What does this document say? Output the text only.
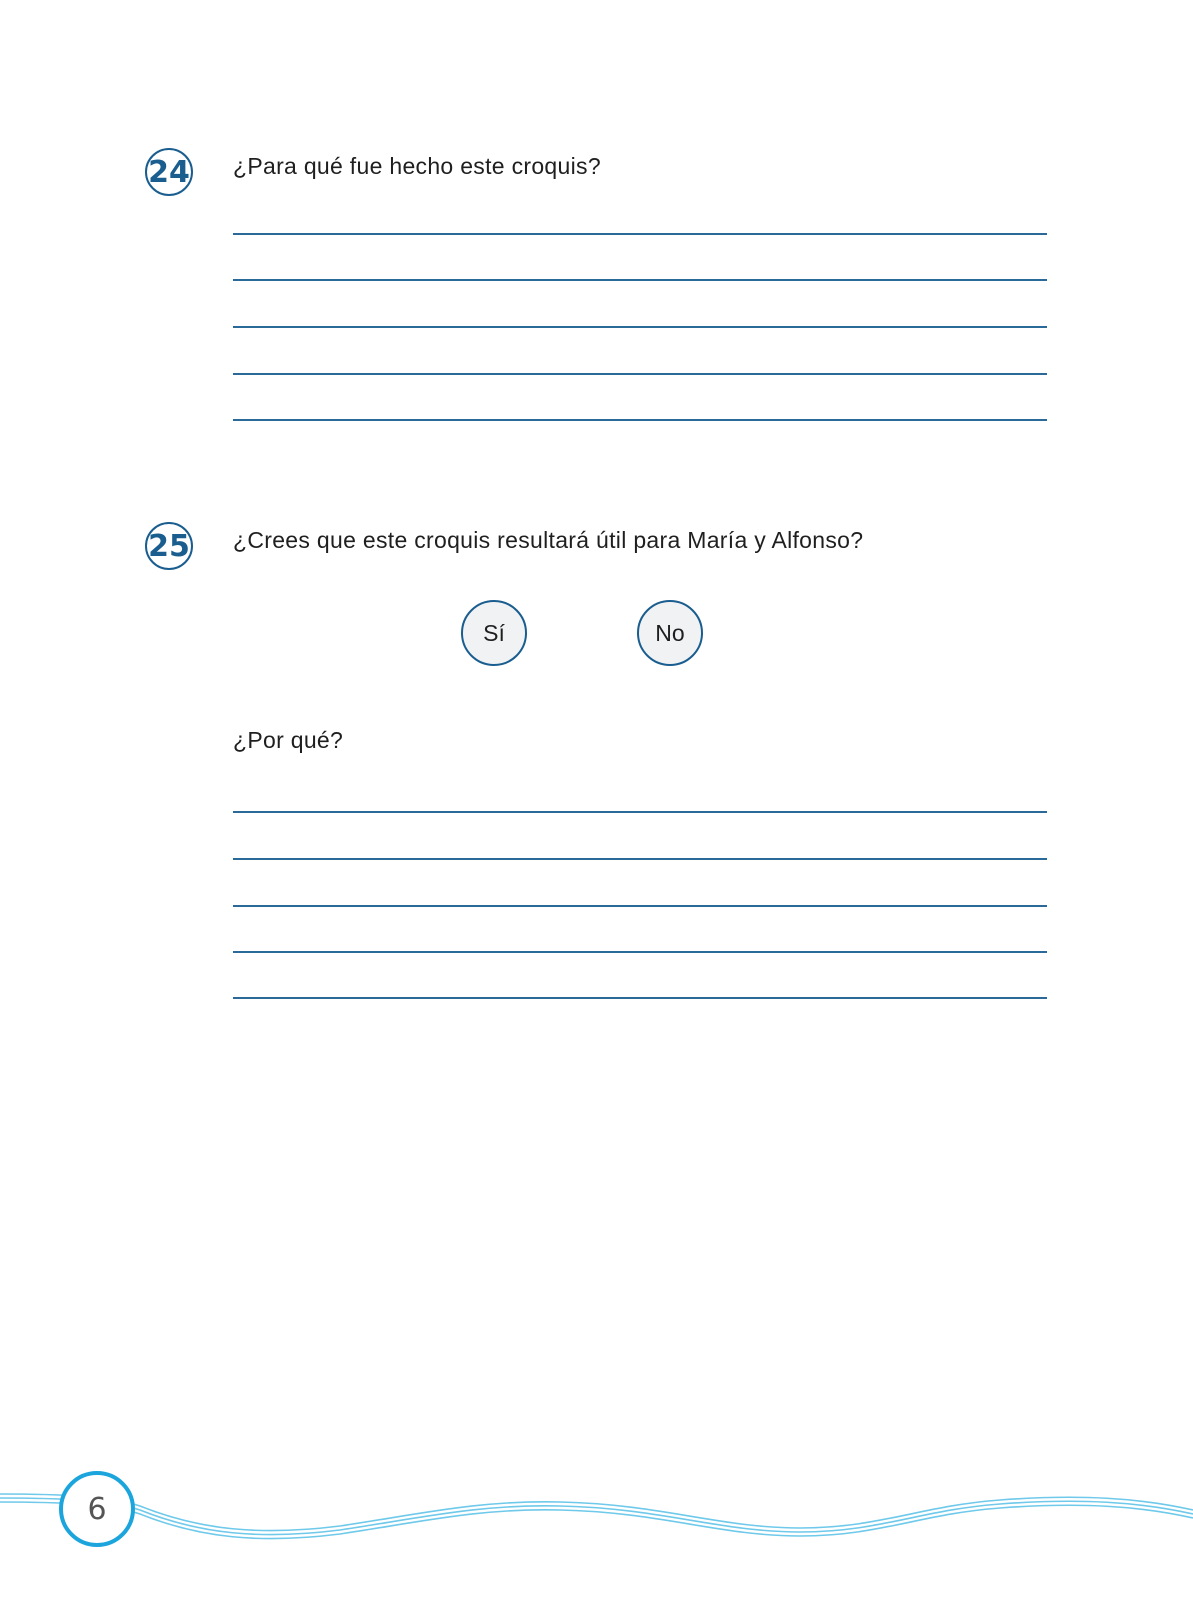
24 ¿Para qué fue hecho este croquis?
25 ¿Crees que este croquis resultará útil para María y Alfonso?
Sí	No
¿Por qué?
6
